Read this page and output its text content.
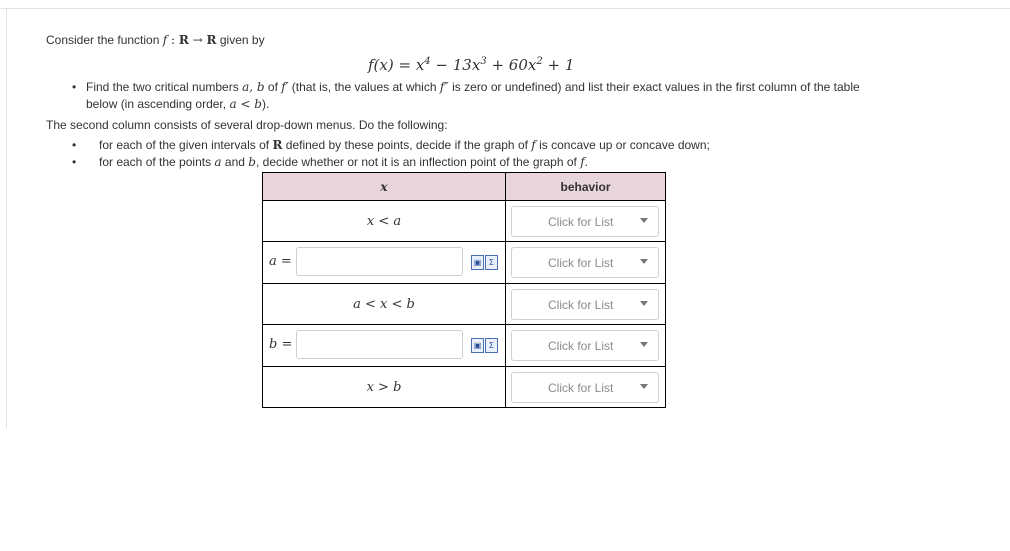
Consider the function f : R → R given by
$f(x) = x^4 - 13x^3 + 60x^2 + 1$
• Find the two critical numbers a, b of f′ (that is, the values at which f″ is zero or undefined) and list their exact values in the first column of the table below (in ascending order, a < b).
The second column consists of several drop-down menus. Do the following:
• for each of the given intervals of R defined by these points, decide if the graph of f is concave up or concave down;
• for each of the points a and b, decide whether or not it is an inflection point of the graph of f.
x	behavior
x < a	Click for List

a = ▣ Σ	Click for List

a < x < b	Click for List

b = ▣ Σ	Click for List

x > b	Click for List
